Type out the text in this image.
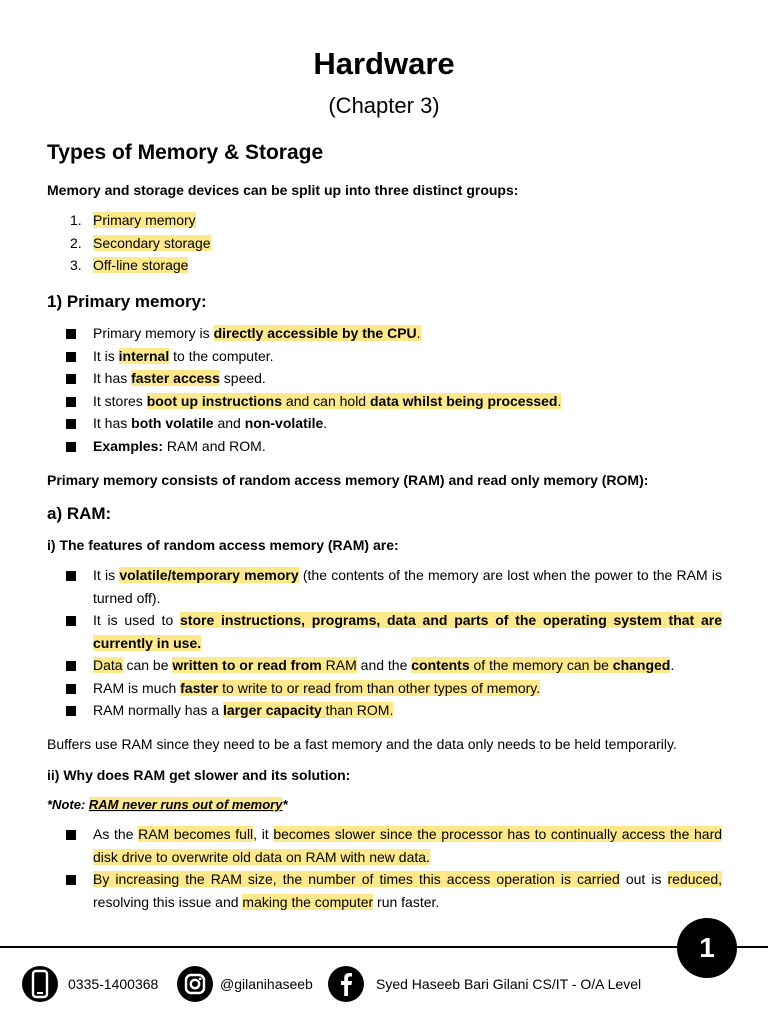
Hardware
(Chapter 3)
Types of Memory & Storage
Memory and storage devices can be split up into three distinct groups:
1. Primary memory
2. Secondary storage
3. Off-line storage
1) Primary memory:
Primary memory is directly accessible by the CPU.
It is internal to the computer.
It has faster access speed.
It stores boot up instructions and can hold data whilst being processed.
It has both volatile and non-volatile.
Examples: RAM and ROM.
Primary memory consists of random access memory (RAM) and read only memory (ROM):
a) RAM:
i) The features of random access memory (RAM) are:
It is volatile/temporary memory (the contents of the memory are lost when the power to the RAM is turned off).
It is used to store instructions, programs, data and parts of the operating system that are currently in use.
Data can be written to or read from RAM and the contents of the memory can be changed.
RAM is much faster to write to or read from than other types of memory.
RAM normally has a larger capacity than ROM.
Buffers use RAM since they need to be a fast memory and the data only needs to be held temporarily.
ii) Why does RAM get slower and its solution:
*Note: RAM never runs out of memory*
As the RAM becomes full, it becomes slower since the processor has to continually access the hard disk drive to overwrite old data on RAM with new data.
By increasing the RAM size, the number of times this access operation is carried out is reduced, resolving this issue and making the computer run faster.
1
0335-1400368	@gilanihaseeb	Syed Haseeb Bari Gilani CS/IT - O/A Level
